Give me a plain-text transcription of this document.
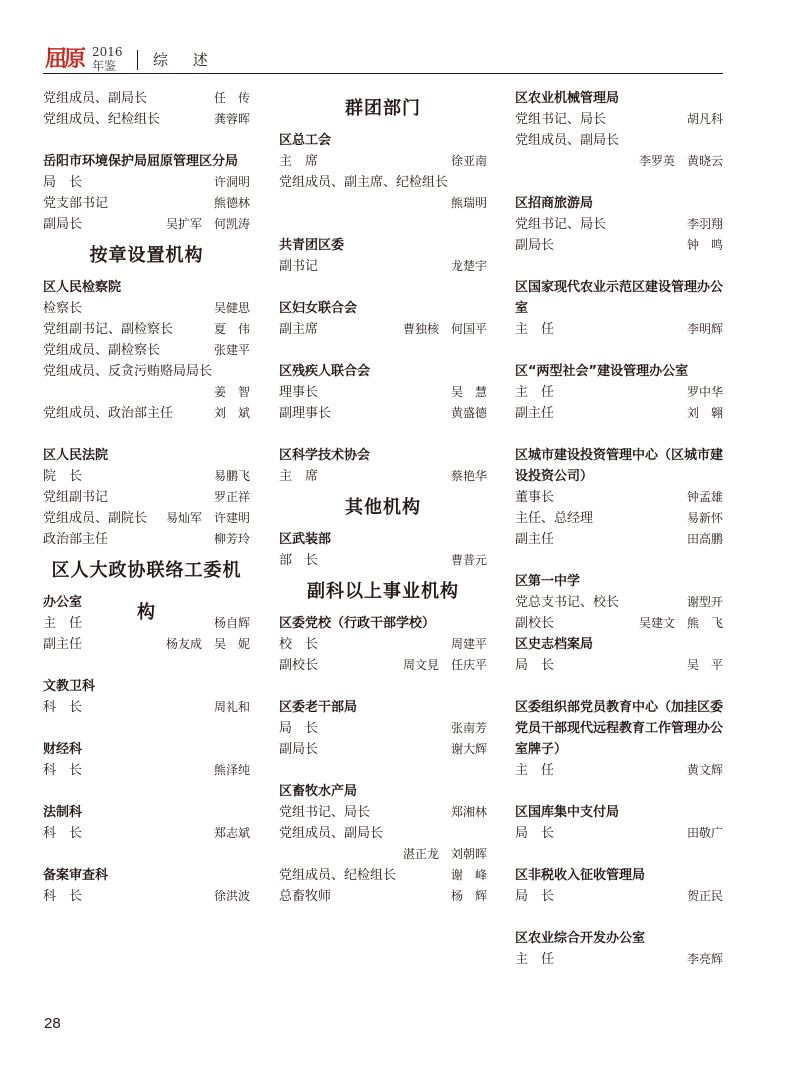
屈原 2016
年鉴 综 述
党组成员、副局长	任　传
党组成员、纪检组长	龚蓉晖
岳阳市环境保护局屈原管理区分局
局　长	许洞明
党支部书记	熊德林
副局长	吴扩军　何凯涛
按章设置机构
区人民检察院
检察长	吴健思
党组副书记、副检察长	夏　伟
党组成员、副检察长	张建平
党组成员、反贪污贿赂局局长
姜　智
党组成员、政治部主任	刘　斌
区人民法院
院　长	易鹏飞
党组副书记	罗正祥
党组成员、副院长 易灿军　许建明
政治部主任	柳芳玲
区人大政协联络工委机构
办公室
主　任	杨自辉
副主任	杨友成　吴　妮
文教卫科
科　长	周礼和
财经科
科　长	熊泽纯
法制科
科　长	郑志斌
备案审查科
科　长	徐洪波
群团部门
区总工会
主　席	徐亚南
党组成员、副主席、纪检组长
熊瑞明
共青团区委
副书记	龙楚宇
区妇女联合会
副主席	曹独核　何国平
区残疾人联合会
理事长	吴　慧
副理事长	黄盛德
区科学技术协会
主　席	蔡艳华
其他机构
区武装部
部　长	曹普元
副科以上事业机构
区委党校（行政干部学校）
校　长	周建平
副校长	周文見　任庆平
区委老干部局
局　长	张南芳
副局长	谢大辉
区畜牧水产局
党组书记、局长	郑湘林
党组成员、副局长
湛正龙　刘朝晖
党组成员、纪检组长	谢　峰
总畜牧师	杨　辉
区农业机械管理局
党组书记、局长	胡凡科
党组成员、副局长
李罗英　黄晓云
区招商旅游局
党组书记、局长	李羽翔
副局长	钟　鸣
区国家现代农业示范区建设管理办公室
主　任	李明辉
区“两型社会”建设管理办公室
主　任	罗中华
副主任	刘　翱
区城市建设投资管理中心（区城市建设投资公司）
董事长	钟孟雄
主任、总经理	易新怀
副主任	田高鹏
区第一中学
党总支书记、校长	谢型开
副校长	吴建文　熊　飞
区史志档案局
局　长	吴　平
区委组织部党员教育中心（加挂区委党员干部现代远程教育工作管理办公室牌子）
主　任	黄文辉
区国库集中支付局
局　长	田敬广
区非税收入征收管理局
局　长	贺正民
区农业综合开发办公室
主　任	李亮辉
28
